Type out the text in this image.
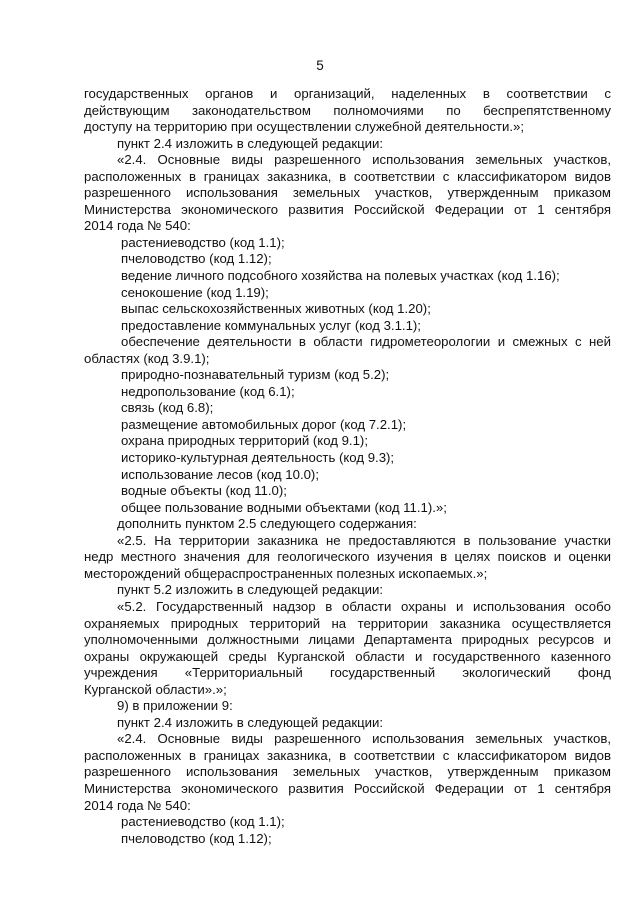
5
государственных органов и организаций, наделенных в соответствии с
действующим законодательством полномочиями по беспрепятственному
доступу на территорию при осуществлении служебной деятельности.»;
пункт 2.4 изложить в следующей редакции:
«2.4. Основные виды разрешенного использования земельных участков,
расположенных в границах заказника, в соответствии с классификатором видов
разрешенного использования земельных участков, утвержденным приказом
Министерства экономического развития Российской Федерации от 1 сентября
2014 года № 540:
растениеводство (код 1.1);
пчеловодство (код 1.12);
ведение личного подсобного хозяйства на полевых участках (код 1.16);
сенокошение (код 1.19);
выпас сельскохозяйственных животных (код 1.20);
предоставление коммунальных услуг (код 3.1.1);
обеспечение деятельности в области гидрометеорологии и смежных с ней
областях (код 3.9.1);
природно-познавательный туризм (код 5.2);
недропользование (код 6.1);
связь (код 6.8);
размещение автомобильных дорог (код 7.2.1);
охрана природных территорий (код 9.1);
историко-культурная деятельность (код 9.3);
использование лесов (код 10.0);
водные объекты (код 11.0);
общее пользование водными объектами (код 11.1).»;
дополнить пунктом 2.5 следующего содержания:
«2.5. На территории заказника не предоставляются в пользование участки
недр местного значения для геологического изучения в целях поисков и оценки
месторождений общераспространенных полезных ископаемых.»;
пункт 5.2 изложить в следующей редакции:
«5.2. Государственный надзор в области охраны и использования особо
охраняемых природных территорий на территории заказника осуществляется
уполномоченными должностными лицами Департамента природных ресурсов и
охраны окружающей среды Курганской области и государственного казенного
учреждения «Территориальный государственный экологический фонд
Курганской области».»;
9) в приложении 9:
пункт 2.4 изложить в следующей редакции:
«2.4. Основные виды разрешенного использования земельных участков,
расположенных в границах заказника, в соответствии с классификатором видов
разрешенного использования земельных участков, утвержденным приказом
Министерства экономического развития Российской Федерации от 1 сентября
2014 года № 540:
растениеводство (код 1.1);
пчеловодство (код 1.12);
